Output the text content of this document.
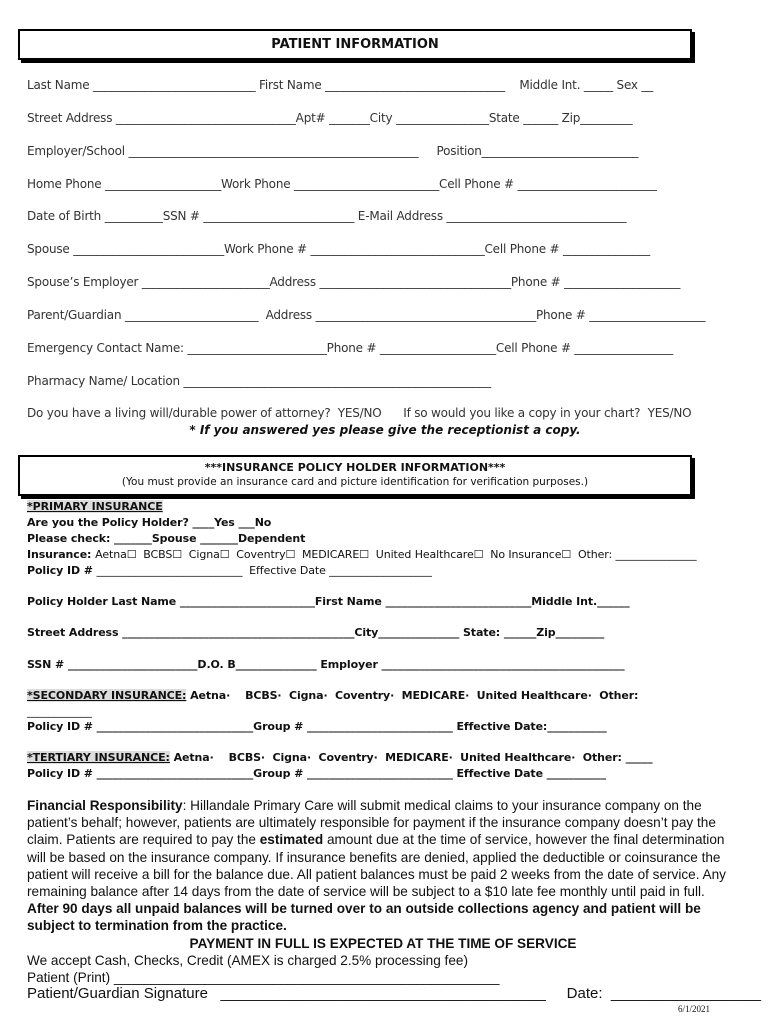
PATIENT INFORMATION
Last Name ____________________________ First Name _______________________________    Middle Int. _____ Sex __
Street Address _______________________________Apt# _______City ________________State ______ Zip_________
Employer/School __________________________________________________     Position___________________________
Home Phone ____________________Work Phone _________________________Cell Phone # ________________________
Date of Birth __________SSN # __________________________ E-Mail Address _______________________________
Spouse __________________________Work Phone # ______________________________Cell Phone # _______________
Spouse’s Employer ______________________Address _________________________________Phone # ____________________
Parent/Guardian _______________________  Address ______________________________________Phone # ____________________
Emergency Contact Name: ________________________Phone # ____________________Cell Phone # _________________
Pharmacy Name/ Location _____________________________________________________
Do you have a living will/durable power of attorney?  YES/NO      If so would you like a copy in your chart?  YES/NO
* If you answered yes please give the receptionist a copy.
***INSURANCE POLICY HOLDER INFORMATION***
(You must provide an insurance card and picture identification for verification purposes.)
*PRIMARY INSURANCE
Are you the Policy Holder? ____Yes ___No
Please check: _______Spouse _______Dependent
Insurance: Aetna☐  BCBS☐  Cigna☐  Coventry☐  MEDICARE☐  United Healthcare☐  No Insurance☐  Other: _______________
Policy ID # ___________________________  Effective Date ___________________
Policy Holder Last Name _________________________First Name ___________________________Middle Int.______
Street Address ___________________________________________City_______________ State: ______Zip_________
SSN # ________________________D.O. B_______________ Employer _____________________________________________
*SECONDARY INSURANCE: Aetna·    BCBS·  Cigna·  Coventry·  MEDICARE·  United Healthcare·  Other:
____________
Policy ID # _____________________________Group # ___________________________ Effective Date:___________
*TERTIARY INSURANCE: Aetna·    BCBS·  Cigna·  Coventry·  MEDICARE·  United Healthcare·  Other: _____
Policy ID # _____________________________Group # ___________________________ Effective Date ___________

Financial Responsibility: Hillandale Primary Care will submit medical claims to your insurance company on the patient’s behalf; however, patients are ultimately responsible for payment if the insurance company doesn’t pay the claim. Patients are required to pay the estimated amount due at the time of service, however the final determination will be based on the insurance company. If insurance benefits are denied, applied the deductible or coinsurance the patient will receive a bill for the balance due. All patient balances must be paid 2 weeks from the date of service. Any remaining balance after 14 days from the date of service will be subject to a $10 late fee monthly until paid in full. After 90 days all unpaid balances will be turned over to an outside collections agency and patient will be subject to termination from the practice.

PAYMENT IN FULL IS EXPECTED AT THE TIME OF SERVICE

We accept Cash, Checks, Credit (AMEX is charged 2.5% processing fee)

Patient (Print) ___________________________________________________

Patient/Guardian Signature   _______________________________________     Date:  __________________
6/1/2021
